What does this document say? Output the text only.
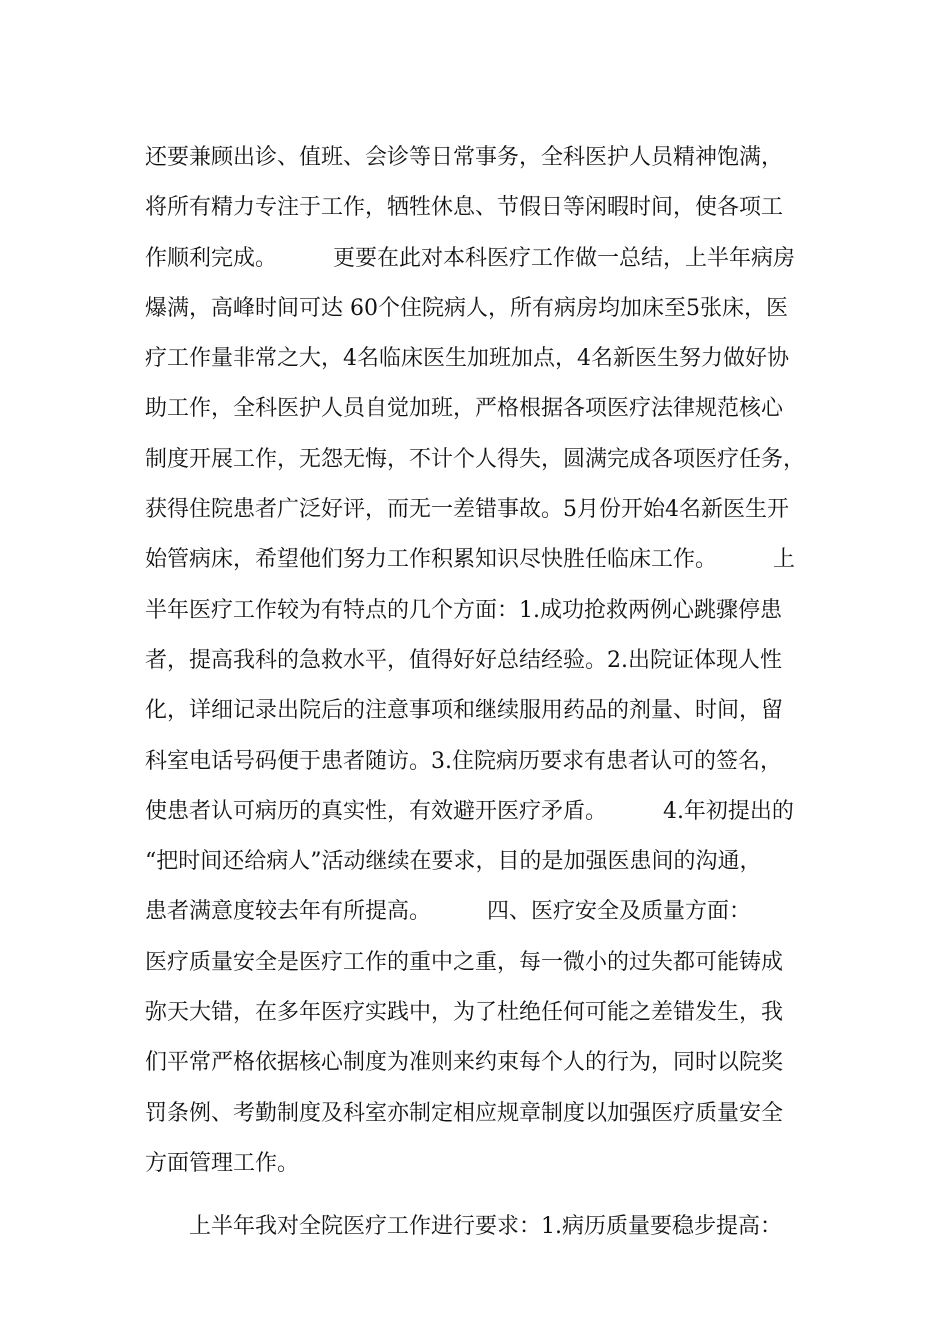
还要兼顾出诊、值班、会诊等日常事务，全科医护人员精神饱满，
将所有精力专注于工作，牺牲休息、节假日等闲暇时间，使各项工
作顺利完成。        更要在此对本科医疗工作做一总结，上半年病房
爆满，高峰时间可达 60个住院病人，所有病房均加床至5张床，医
疗工作量非常之大，4名临床医生加班加点，4名新医生努力做好协
助工作，全科医护人员自觉加班，严格根据各项医疗法律规范核心
制度开展工作，无怨无悔，不计个人得失，圆满完成各项医疗任务，
获得住院患者广泛好评，而无一差错事故。5月份开始4名新医生开
始管病床，希望他们努力工作积累知识尽快胜任临床工作。        上
半年医疗工作较为有特点的几个方面：1.成功抢救两例心跳骤停患
者，提高我科的急救水平，值得好好总结经验。2.出院证体现人性
化，详细记录出院后的注意事项和继续服用药品的剂量、时间，留
科室电话号码便于患者随访。3.住院病历要求有患者认可的签名，
使患者认可病历的真实性，有效避开医疗矛盾。        4.年初提出的
“把时间还给病人”活动继续在要求，目的是加强医患间的沟通，
患者满意度较去年有所提高。        四、医疗安全及质量方面：
医疗质量安全是医疗工作的重中之重，每一微小的过失都可能铸成
弥天大错，在多年医疗实践中，为了杜绝任何可能之差错发生，我
们平常严格依据核心制度为准则来约束每个人的行为，同时以院奖
罚条例、考勤制度及科室亦制定相应规章制度以加强医疗质量安全
方面管理工作。
上半年我对全院医疗工作进行要求：1.病历质量要稳步提高：
